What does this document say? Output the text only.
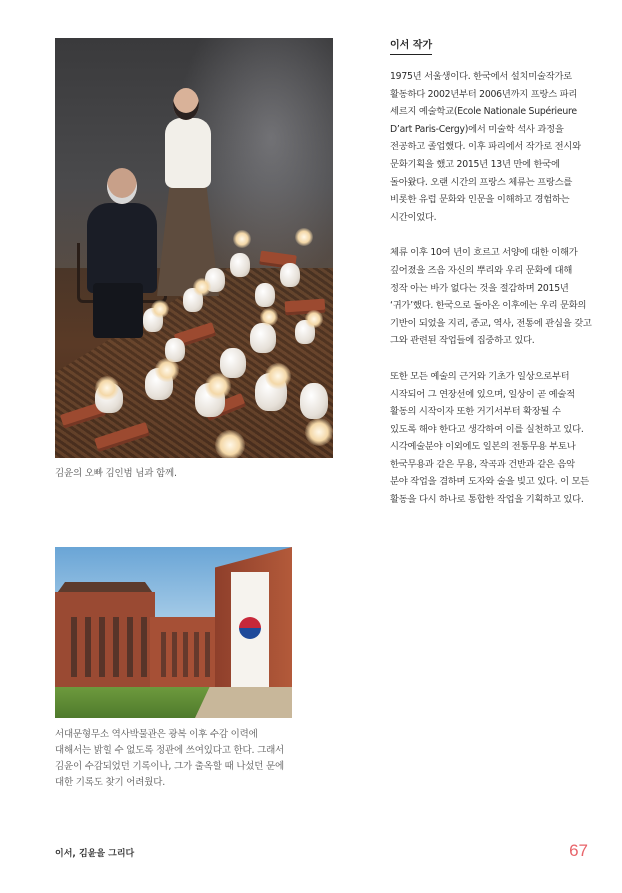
김윤의 오빠 김인범 님과 함께.
서대문형무소 역사박물관은 광복 이후 수감 이력에
대해서는 밝힐 수 없도록 정관에 쓰여있다고 한다. 그래서
김윤이 수감되었던 기록이나, 그가 출옥할 때 나섰던 문에
대한 기록도 찾기 어려웠다.
이서 작가

1975년 서울생이다. 한국에서 설치미술작가로
활동하다 2002년부터 2006년까지 프랑스 파리
세르지 예술학교(Ecole Nationale Supérieure
D’art Paris-Cergy)에서 미술학 석사 과정을
전공하고 졸업했다. 이후 파리에서 작가로 전시와
문화기획을 했고 2015년 13년 만에 한국에
돌아왔다. 오랜 시간의 프랑스 체류는 프랑스를
비롯한 유럽 문화와 인문을 이해하고 경험하는
시간이었다.

체류 이후 10여 년이 흐르고 서양에 대한 이해가
깊어졌을 즈음 자신의 뿌리와 우리 문화에 대해
정작 아는 바가 없다는 것을 절감하며 2015년
‘귀가’했다. 한국으로 돌아온 이후에는 우리 문화의
기반이 되었을 지리, 종교, 역사, 전통에 관심을 갖고
그와 관련된 작업들에 집중하고 있다.

또한 모든 예술의 근거와 기초가 일상으로부터
시작되어 그 연장선에 있으며, 일상이 곧 예술적
활동의 시작이자 또한 거기서부터 확장될 수
있도록 해야 한다고 생각하여 이를 실천하고 있다.
시각예술분야 이외에도 일본의 전통무용 부토나
한국무용과 같은 무용, 작곡과 건반과 같은 음악
분야 작업을 겸하며 도자와 술을 빚고 있다. 이 모든
활동을 다시 하나로 통합한 작업을 기획하고 있다.

이서, 김윤을 그리다	67
